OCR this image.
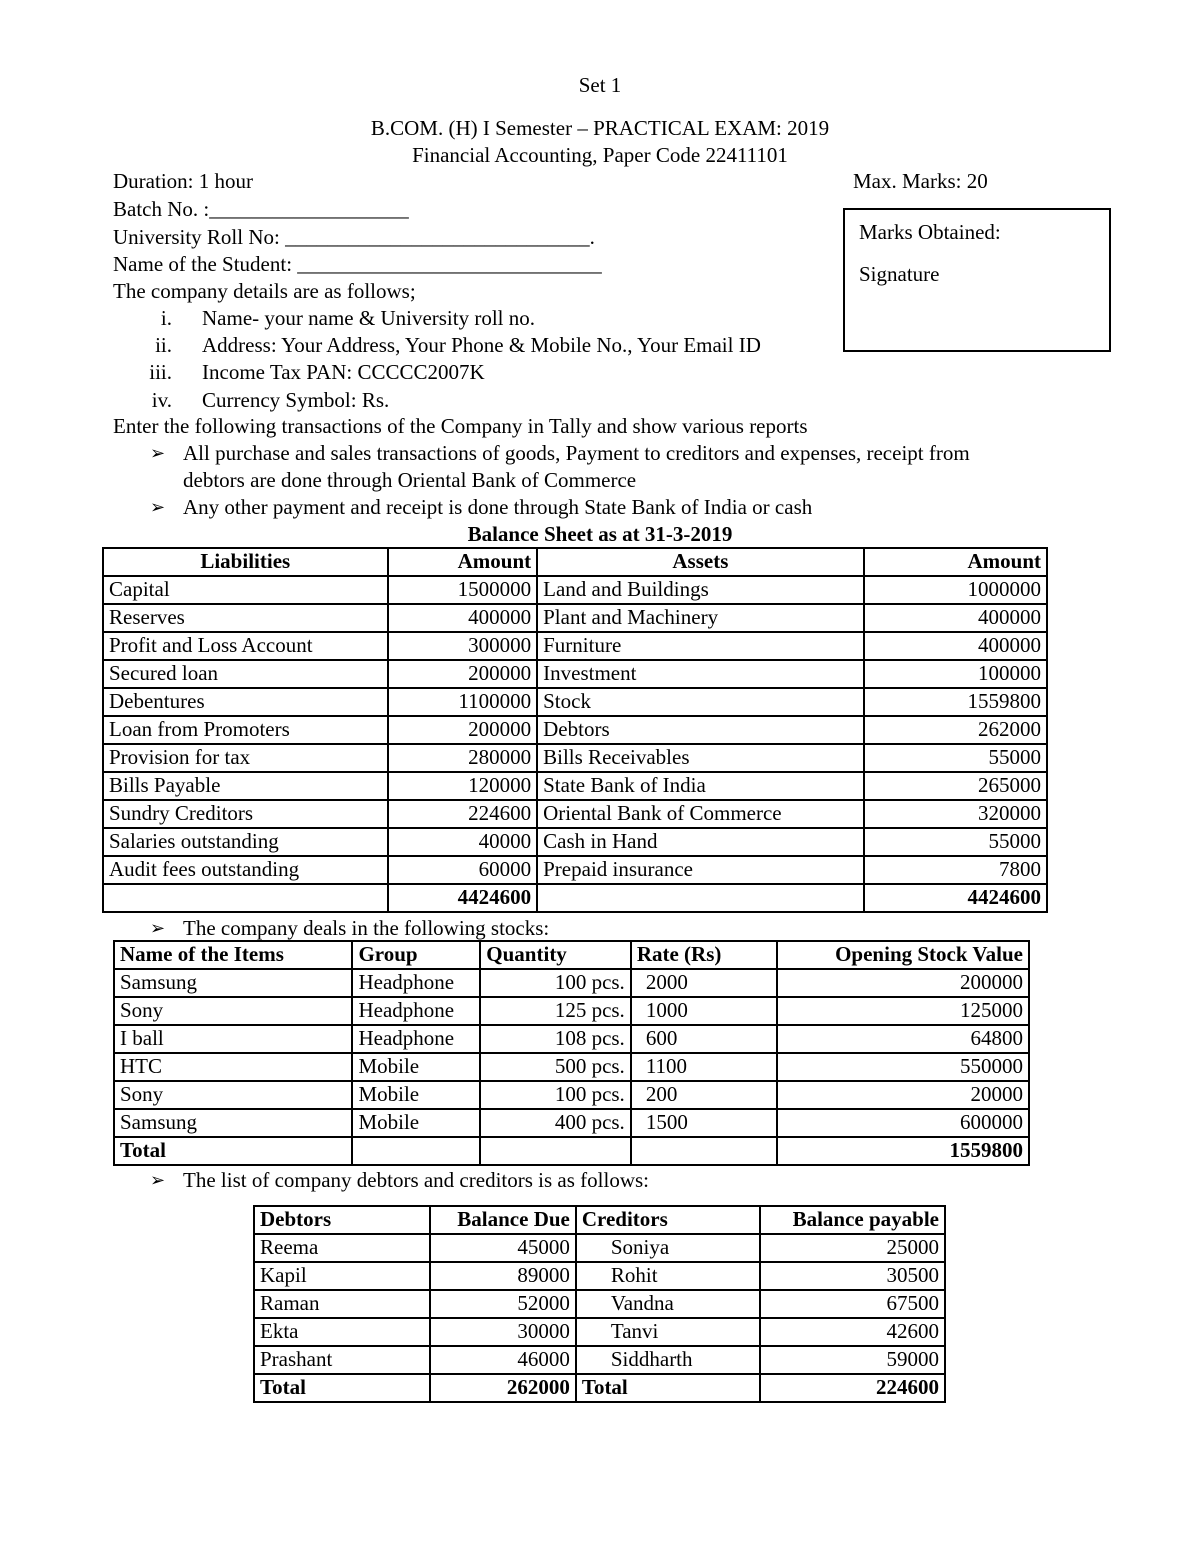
Set 1
B.COM. (H) I Semester – PRACTICAL EXAM: 2019
Financial Accounting, Paper Code 22411101
Duration: 1 hour	Max. Marks: 20
Batch No. :___________________
University Roll No: _____________________________.
Name of the Student: _____________________________
Marks Obtained:
Signature
The company details are as follows;
i. Name- your name & University roll no.
ii. Address: Your Address, Your Phone & Mobile No., Your Email ID
iii. Income Tax PAN: CCCCC2007K
iv. Currency Symbol: Rs.
Enter the following transactions of the Company in Tally and show various reports
➢ All purchase and sales transactions of goods, Payment to creditors and expenses, receipt from
debtors are done through Oriental Bank of Commerce
➢ Any other payment and receipt is done through State Bank of India or cash
Balance Sheet as at 31-3-2019
Liabilities	Amount	Assets	Amount
Capital	1500000	Land and Buildings	1000000
Reserves	400000	Plant and Machinery	400000
Profit and Loss Account	300000	Furniture	400000
Secured loan	200000	Investment	100000
Debentures	1100000	Stock	1559800
Loan from Promoters	200000	Debtors	262000
Provision for tax	280000	Bills Receivables	55000
Bills Payable	120000	State Bank of India	265000
Sundry Creditors	224600	Oriental Bank of Commerce	320000
Salaries outstanding	40000	Cash in Hand	55000
Audit fees outstanding	60000	Prepaid insurance	7800
	4424600		4424600
➢ The company deals in the following stocks:
Name of the Items	Group	Quantity	Rate (Rs)	Opening Stock Value
Samsung	Headphone	100 pcs.	2000	200000
Sony	Headphone	125 pcs.	1000	125000
I ball	Headphone	108 pcs.	600	64800
HTC	Mobile	500 pcs.	1100	550000
Sony	Mobile	100 pcs.	200	20000
Samsung	Mobile	400 pcs.	1500	600000
Total				1559800
➢ The list of company debtors and creditors is as follows:
Debtors	Balance Due	Creditors	Balance payable
Reema	45000	Soniya	25000
Kapil	89000	Rohit	30500
Raman	52000	Vandna	67500
Ekta	30000	Tanvi	42600
Prashant	46000	Siddharth	59000
Total	262000	Total	224600
